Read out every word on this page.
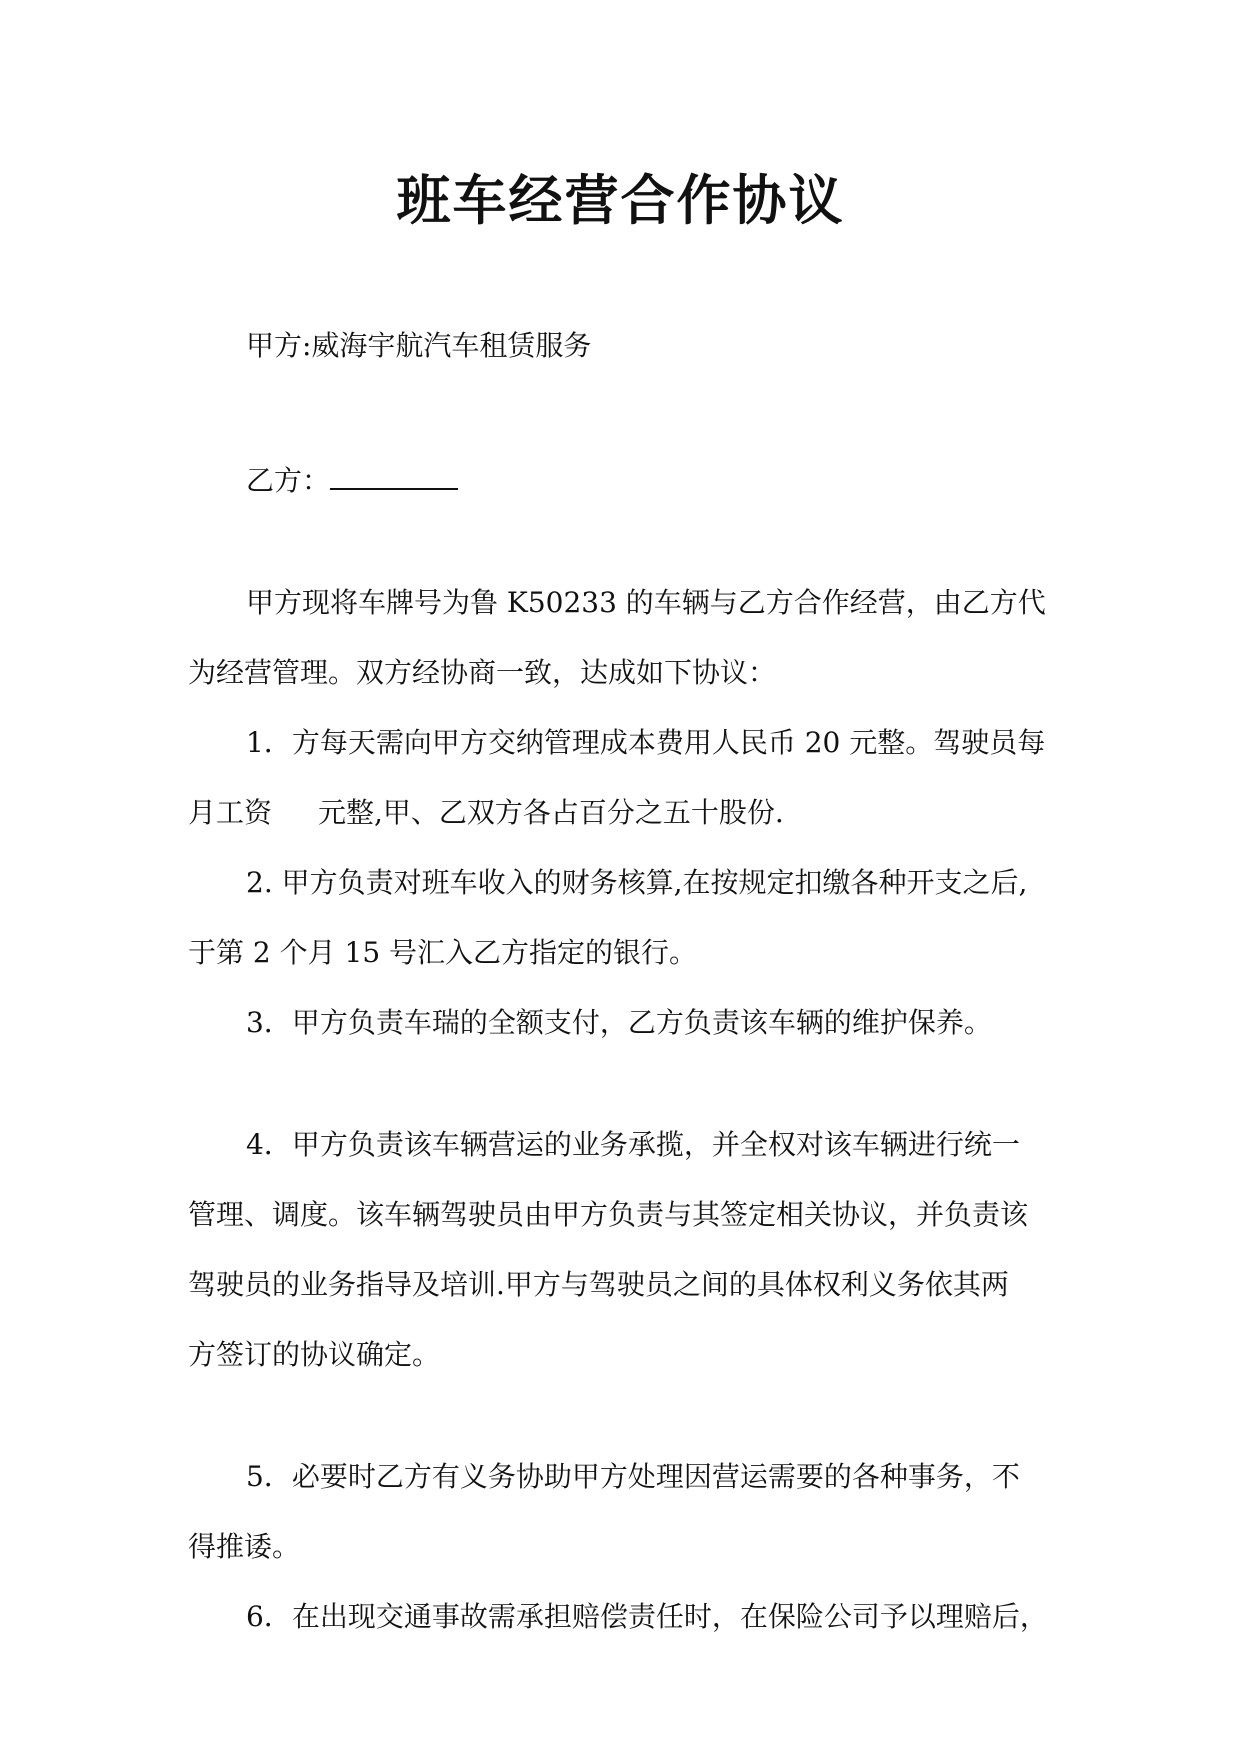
班车经营合作协议
甲方:威海宇航汽车租赁服务
乙方：
甲方现将车牌号为鲁 K50233 的车辆与乙方合作经营，由乙方代
为经营管理。双方经协商一致，达成如下协议：
1．方每天需向甲方交纳管理成本费用人民币 20 元整。驾驶员每
月工资 元整,甲、乙双方各占百分之五十股份.
2. 甲方负责对班车收入的财务核算,在按规定扣缴各种开支之后,
于第 2 个月 15 号汇入乙方指定的银行。
3．甲方负责车瑞的全额支付，乙方负责该车辆的维护保养。
4．甲方负责该车辆营运的业务承揽，并全权对该车辆进行统一
管理、调度。该车辆驾驶员由甲方负责与其签定相关协议，并负责该
驾驶员的业务指导及培训.甲方与驾驶员之间的具体权利义务依其两
方签订的协议确定。
5．必要时乙方有义务协助甲方处理因营运需要的各种事务，不
得推诿。
6．在出现交通事故需承担赔偿责任时，在保险公司予以理赔后，
